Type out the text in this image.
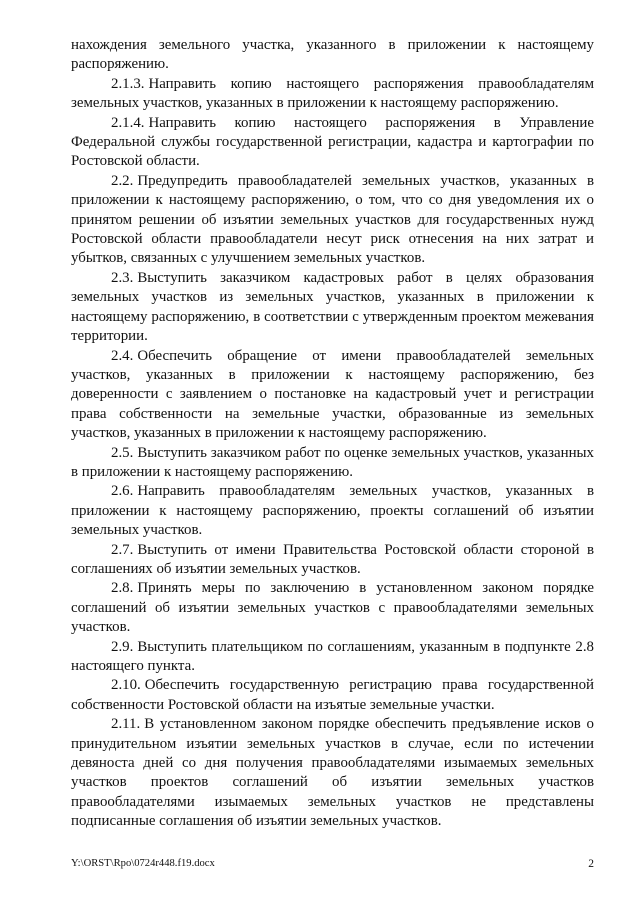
нахождения земельного участка, указанного в приложении к настоящему распоряжению.

2.1.3. Направить копию настоящего распоряжения правообладателям земельных участков, указанных в приложении к настоящему распоряжению.

2.1.4. Направить копию настоящего распоряжения в Управление Федеральной службы государственной регистрации, кадастра и картографии по Ростовской области.

2.2. Предупредить правообладателей земельных участков, указанных в приложении к настоящему распоряжению, о том, что со дня уведомления их о принятом решении об изъятии земельных участков для государственных нужд Ростовской области правообладатели несут риск отнесения на них затрат и убытков, связанных с улучшением земельных участков.

2.3. Выступить заказчиком кадастровых работ в целях образования земельных участков из земельных участков, указанных в приложении к настоящему распоряжению, в соответствии с утвержденным проектом межевания территории.

2.4. Обеспечить обращение от имени правообладателей земельных участков, указанных в приложении к настоящему распоряжению, без доверенности с заявлением о постановке на кадастровый учет и регистрации права собственности на земельные участки, образованные из земельных участков, указанных в приложении к настоящему распоряжению.

2.5. Выступить заказчиком работ по оценке земельных участков, указанных в приложении к настоящему распоряжению.

2.6. Направить правообладателям земельных участков, указанных в приложении к настоящему распоряжению, проекты соглашений об изъятии земельных участков.

2.7. Выступить от имени Правительства Ростовской области стороной в соглашениях об изъятии земельных участков.

2.8. Принять меры по заключению в установленном законом порядке соглашений об изъятии земельных участков с правообладателями земельных участков.

2.9. Выступить плательщиком по соглашениям, указанным в подпункте 2.8 настоящего пункта.

2.10. Обеспечить государственную регистрацию права государственной собственности Ростовской области на изъятые земельные участки.

2.11. В установленном законом порядке обеспечить предъявление исков о принудительном изъятии земельных участков в случае, если по истечении девяноста дней со дня получения правообладателями изымаемых земельных участков проектов соглашений об изъятии земельных участков правообладателями изымаемых земельных участков не представлены подписанные соглашения об изъятии земельных участков.

Y:\ORST\Rpo\0724r448.f19.docx	2
